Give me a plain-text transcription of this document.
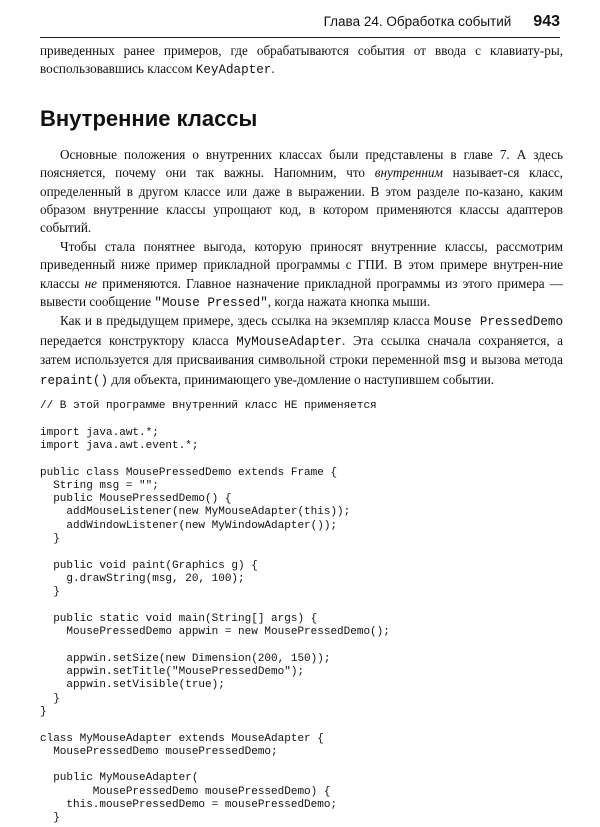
Глава 24. Обработка событий 943

приведенных ранее примеров, где обрабатываются события от ввода с клавиату-ры, воспользовавшись классом KeyAdapter.

Внутренние классы

Основные положения о внутренних классах были представлены в главе 7. А здесь поясняется, почему они так важны. Напомним, что внутренним называет-ся класс, определенный в другом классе или даже в выражении. В этом разделе по-казано, каким образом внутренние классы упрощают код, в котором применяются классы адаптеров событий.

Чтобы стала понятнее выгода, которую приносят внутренние классы, рассмотрим приведенный ниже пример прикладной программы с ГПИ. В этом примере внутрен-ние классы не применяются. Главное назначение прикладной программы из этого примера — вывести сообщение "Mouse Pressed", когда нажата кнопка мыши.

Как и в предыдущем примере, здесь ссылка на экземпляр класса Mouse PressedDemo передается конструктору класса MyMouseAdapter. Эта ссылка сначала сохраняется, а затем используется для присваивания символьной строки переменной msg и вызова метода repaint() для объекта, принимающего уве-домление о наступившем событии.

// В этой программе внутренний класс НЕ применяется

import java.awt.*;
import java.awt.event.*;

public class MousePressedDemo extends Frame {
String msg = "";
public MousePressedDemo() {
addMouseListener(new MyMouseAdapter(this));
addWindowListener(new MyWindowAdapter());
}

public void paint(Graphics g) {
g.drawString(msg, 20, 100);
}

public static void main(String[] args) {
MousePressedDemo appwin = new MousePressedDemo();

appwin.setSize(new Dimension(200, 150));
appwin.setTitle("MousePressedDemo");
appwin.setVisible(true);
}
}

class MyMouseAdapter extends MouseAdapter {
MousePressedDemo mousePressedDemo;

public MyMouseAdapter(
MousePressedDemo mousePressedDemo) {
this.mousePressedDemo = mousePressedDemo;
}
